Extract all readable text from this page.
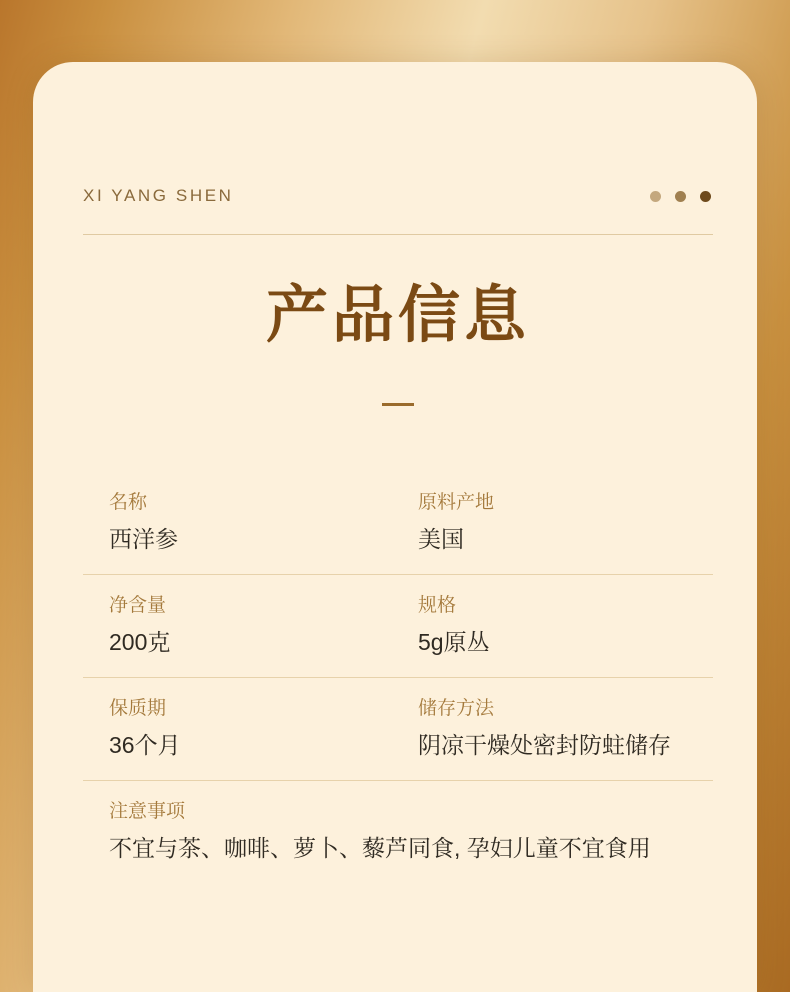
XI YANG SHEN
产品信息
名称
西洋参
原料产地
美国
净含量
200克
规格
5g原丛
保质期
36个月
储存方法
阴凉干燥处密封防蛀储存
注意事项
不宜与茶、咖啡、萝卜、藜芦同食, 孕妇儿童不宜食用
